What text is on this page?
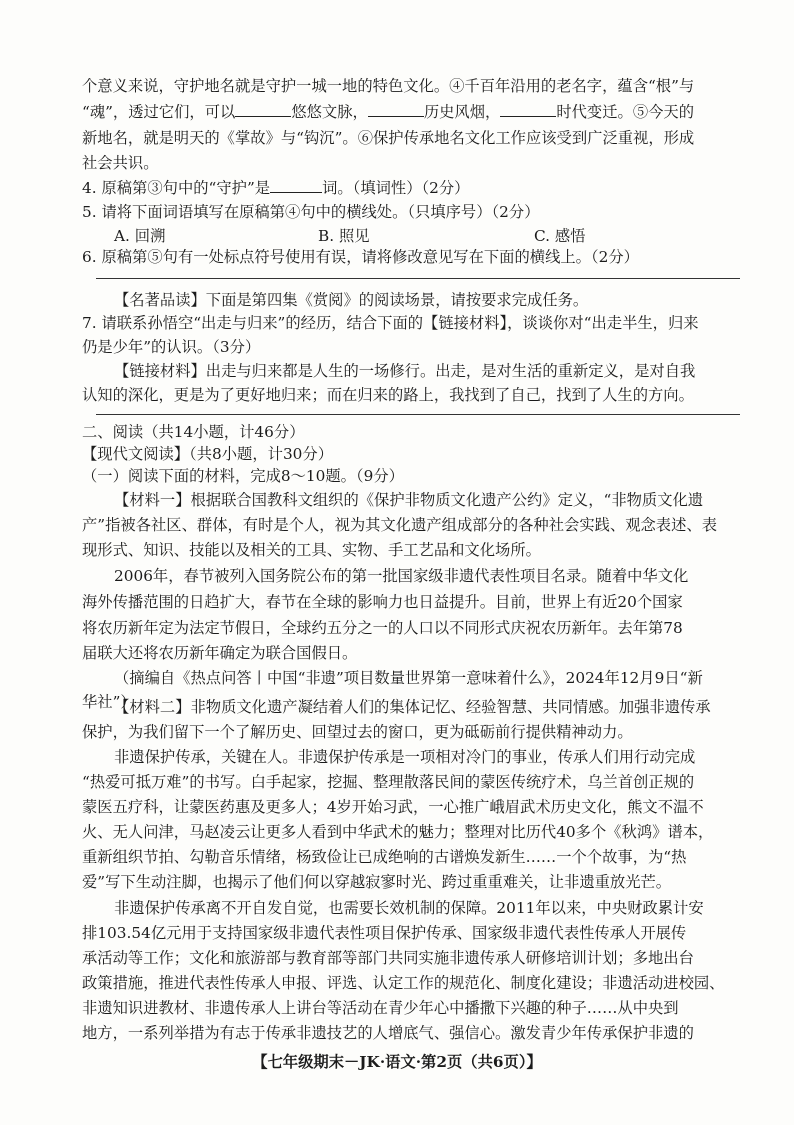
个意义来说，守护地名就是守护一城一地的特色文化。④千百年沿用的老名字，蕴含“根”与
“魂”，透过它们，可以	悠悠文脉，	历史风烟，	时代变迁。⑤今天的
新地名，就是明天的《掌故》与“钩沉”。⑥保护传承地名文化工作应该受到广泛重视，形成
社会共识。
4. 原稿第③句中的“守护”是	词。（填词性）（2分）
5. 请将下面词语填写在原稿第④句中的横线处。（只填序号）（2分）
A. 回溯	B. 照见	C. 感悟
6. 原稿第⑤句有一处标点符号使用有误，请将修改意见写在下面的横线上。（2分）
【名著品读】下面是第四集《赏阅》的阅读场景，请按要求完成任务。
7. 请联系孙悟空“出走与归来”的经历，结合下面的【链接材料】，谈谈你对“出走半生，归来
仍是少年”的认识。（3分）
【链接材料】出走与归来都是人生的一场修行。出走，是对生活的重新定义，是对自我
认知的深化，更是为了更好地归来；而在归来的路上，我找到了自己，找到了人生的方向。
二、阅读（共14小题，计46分）
【现代文阅读】（共8小题，计30分）
（一）阅读下面的材料，完成8～10题。（9分）
【材料一】根据联合国教科文组织的《保护非物质文化遗产公约》定义，“非物质文化遗
产”指被各社区、群体，有时是个人，视为其文化遗产组成部分的各种社会实践、观念表述、表
现形式、知识、技能以及相关的工具、实物、手工艺品和文化场所。
2006年，春节被列入国务院公布的第一批国家级非遗代表性项目名录。随着中华文化
海外传播范围的日趋扩大，春节在全球的影响力也日益提升。目前，世界上有近20个国家
将农历新年定为法定节假日，全球约五分之一的人口以不同形式庆祝农历新年。去年第78
届联大还将农历新年确定为联合国假日。
（摘编自《热点问答丨中国“非遗”项目数量世界第一意味着什么》，2024年12月9日“新
华社”）
【材料二】非物质文化遗产凝结着人们的集体记忆、经验智慧、共同情感。加强非遗传承
保护，为我们留下一个了解历史、回望过去的窗口，更为砥砺前行提供精神动力。
非遗保护传承，关键在人。非遗保护传承是一项相对冷门的事业，传承人们用行动完成
“热爱可抵万难”的书写。白手起家，挖掘、整理散落民间的蒙医传统疗术，乌兰首创正规的
蒙医五疗科，让蒙医药惠及更多人；4岁开始习武，一心推广峨眉武术历史文化，熊文不温不
火、无人问津，马赵凌云让更多人看到中华武术的魅力；整理对比历代40多个《秋鸿》谱本，
重新组织节拍、勾勒音乐情绪，杨致俭让已成绝响的古谱焕发新生……一个个故事，为“热
爱”写下生动注脚，也揭示了他们何以穿越寂寥时光、跨过重重难关，让非遗重放光芒。
非遗保护传承离不开自发自觉，也需要长效机制的保障。2011年以来，中央财政累计安
排103.54亿元用于支持国家级非遗代表性项目保护传承、国家级非遗代表性传承人开展传
承活动等工作；文化和旅游部与教育部等部门共同实施非遗传承人研修培训计划；多地出台
政策措施，推进代表性传承人申报、评选、认定工作的规范化、制度化建设；非遗活动进校园、
非遗知识进教材、非遗传承人上讲台等活动在青少年心中播撒下兴趣的种子……从中央到
地方，一系列举措为有志于传承非遗技艺的人增底气、强信心。激发青少年传承保护非遗的
【七年级期末－JK·语文·第2页（共6页）】
